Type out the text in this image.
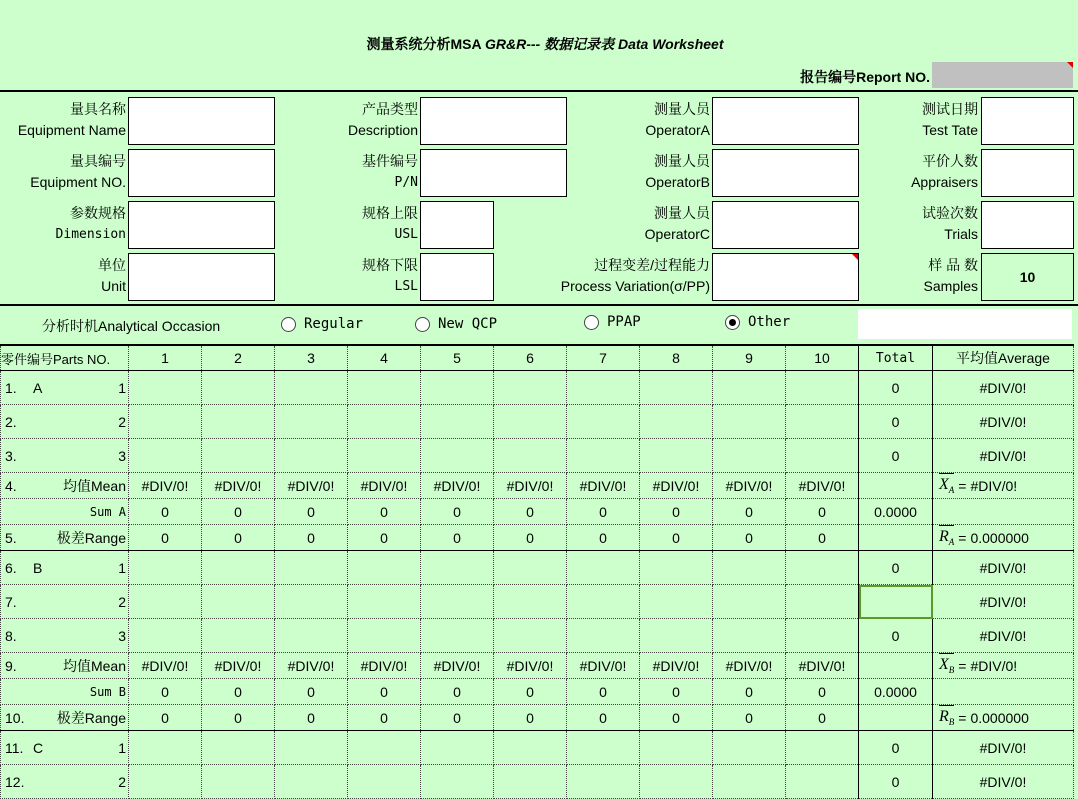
测量系统分析MSA GR&R--- 数据记录表 Data Worksheet
报告编号Report NO.
量具名称
Equipment Name
量具编号
Equipment NO.
参数规格
Dimension
单位
Unit
产品类型
Description
基件编号
P/N
规格上限
USL
规格下限
LSL
测量人员
OperatorA
测量人员
OperatorB
测量人员
OperatorC
过程变差/过程能力
Process Variation(σ/PP)
测试日期
Test Tate
平价人数
Appraisers
试验次数
Trials
样 品 数
Samples
10
分析时机Analytical Occasion	Regular	New QCP	PPAP	Other
零件编号Parts NO.	1	2	3	4	5	6	7	8	9	10	Total	平均值Average

1. A 1											0	#DIV/0!

2. 2											0	#DIV/0!

3. 3											0	#DIV/0!

4. 均值Mean	#DIV/0!	#DIV/0!	#DIV/0!	#DIV/0!	#DIV/0!	#DIV/0!	#DIV/0!	#DIV/0!	#DIV/0!	#DIV/0!		$X_A$ = #DIV/0!

Sum A	0	0	0	0	0	0	0	0	0	0	0.0000	

5. 极差Range	0	0	0	0	0	0	0	0	0	0		$R_A = 0.000000$

6. B 1											0	#DIV/0!

7. 2												#DIV/0!

8. 3											0	#DIV/0!

9. 均值Mean	#DIV/0!	#DIV/0!	#DIV/0!	#DIV/0!	#DIV/0!	#DIV/0!	#DIV/0!	#DIV/0!	#DIV/0!	#DIV/0!		$X_B$ = #DIV/0!

Sum B	0	0	0	0	0	0	0	0	0	0	0.0000	

10. 极差Range	0	0	0	0	0	0	0	0	0	0		$R_B = 0.000000$

11. C 1											0	#DIV/0!

12. 2											0	#DIV/0!
